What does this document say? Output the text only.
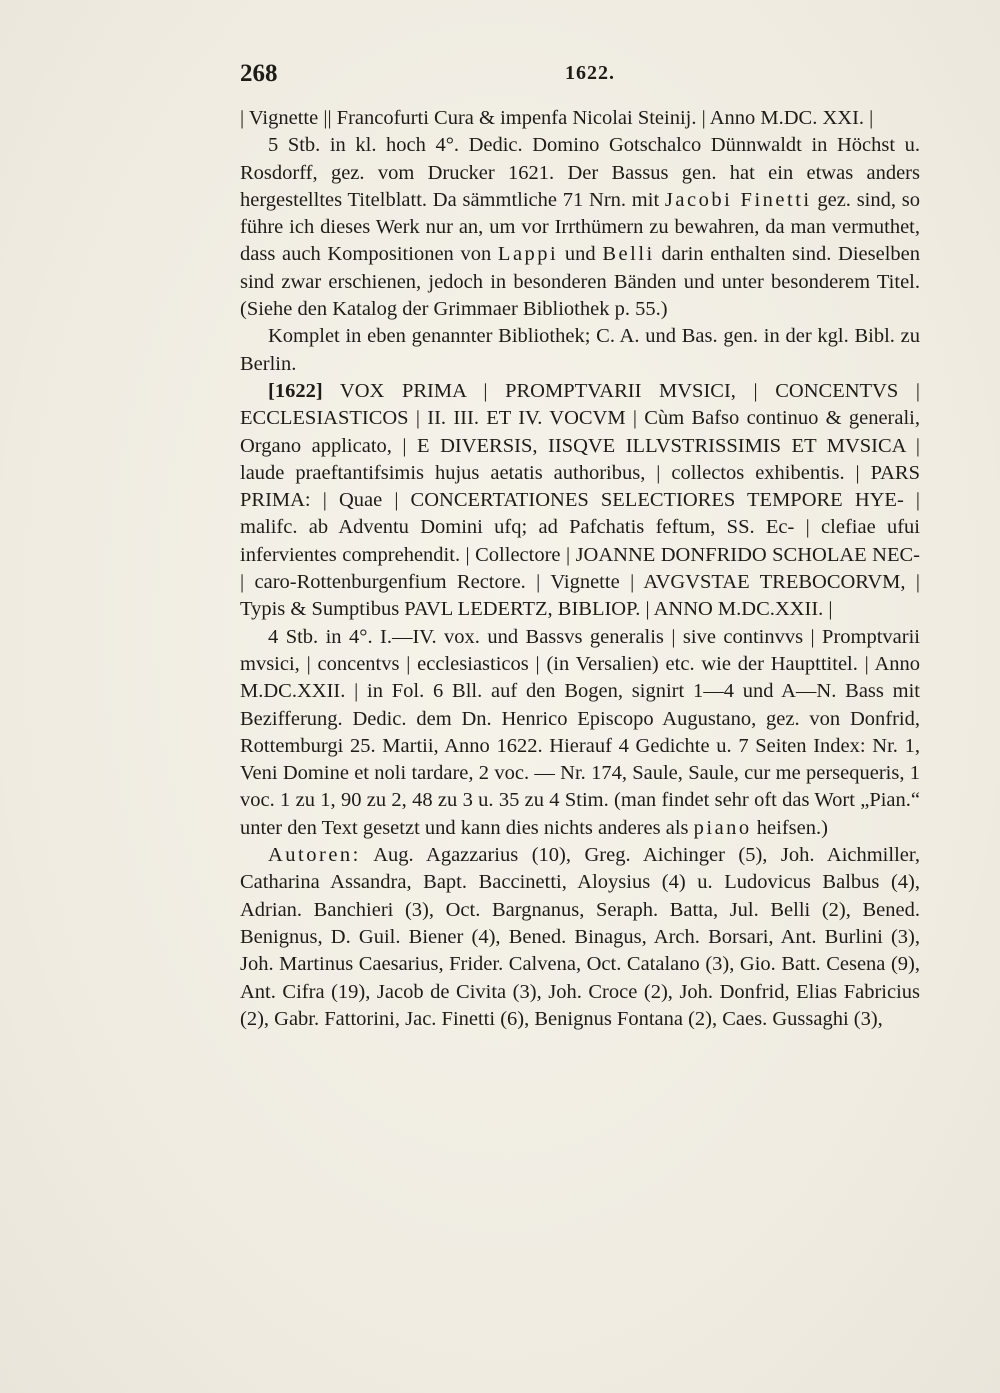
268	1622.

| Vignette || Francofurti Cura & impenfa Nicolai Steinij. | Anno M.DC. XXI. |

5 Stb. in kl. hoch 4°. Dedic. Domino Gotschalco Dünnwaldt in Höchst u. Rosdorff, gez. vom Drucker 1621. Der Bassus gen. hat ein etwas anders hergestelltes Titelblatt. Da sämmtliche 71 Nrn. mit Jacobi Finetti gez. sind, so führe ich dieses Werk nur an, um vor Irrthümern zu bewahren, da man vermuthet, dass auch Kompositionen von Lappi und Belli darin enthalten sind. Dieselben sind zwar erschienen, jedoch in besonderen Bänden und unter besonderem Titel. (Siehe den Katalog der Grimmaer Bibliothek p. 55.)

Komplet in eben genannter Bibliothek; C. A. und Bas. gen. in der kgl. Bibl. zu Berlin.

[1622] VOX PRIMA | PROMPTVARII MVSICI, | CONCENTVS | ECCLESIASTICOS | II. III. ET IV. VOCVM | Cùm Bafso continuo & generali, Organo applicato, | E DIVERSIS, IISQVE ILLVSTRISSIMIS ET MVSICA | laude praeftantifsimis hujus aetatis authoribus, | collectos exhibentis. | PARS PRIMA: | Quae | CONCERTATIONES SELECTIORES TEMPORE HYE- | malifc. ab Adventu Domini ufq; ad Pafchatis feftum, SS. Ec- | clefiae ufui infervientes comprehendit. | Collectore | JOANNE DONFRIDO SCHOLAE NEC- | caro-Rottenburgenfium Rectore. | Vignette | AVGVSTAE TREBOCORVM, | Typis & Sumptibus PAVL LEDERTZ, BIBLIOP. | ANNO M.DC.XXII. |

4 Stb. in 4°. I.—IV. vox. und Bassvs generalis | sive continvvs | Promptvarii mvsici, | concentvs | ecclesiasticos | (in Versalien) etc. wie der Haupttitel. | Anno M.DC.XXII. | in Fol. 6 Bll. auf den Bogen, signirt 1—4 und A—N. Bass mit Bezifferung. Dedic. dem Dn. Henrico Episcopo Augustano, gez. von Donfrid, Rottemburgi 25. Martii, Anno 1622. Hierauf 4 Gedichte u. 7 Seiten Index: Nr. 1, Veni Domine et noli tardare, 2 voc. — Nr. 174, Saule, Saule, cur me persequeris, 1 voc. 1 zu 1, 90 zu 2, 48 zu 3 u. 35 zu 4 Stim. (man findet sehr oft das Wort „Pian.“ unter den Text gesetzt und kann dies nichts anderes als piano heifsen.)

Autoren: Aug. Agazzarius (10), Greg. Aichinger (5), Joh. Aichmiller, Catharina Assandra, Bapt. Baccinetti, Aloysius (4) u. Ludovicus Balbus (4), Adrian. Banchieri (3), Oct. Bargnanus, Seraph. Batta, Jul. Belli (2), Bened. Benignus, D. Guil. Biener (4), Bened. Binagus, Arch. Borsari, Ant. Burlini (3), Joh. Martinus Caesarius, Frider. Calvena, Oct. Catalano (3), Gio. Batt. Cesena (9), Ant. Cifra (19), Jacob de Civita (3), Joh. Croce (2), Joh. Donfrid, Elias Fabricius (2), Gabr. Fattorini, Jac. Finetti (6), Benignus Fontana (2), Caes. Gussaghi (3),
